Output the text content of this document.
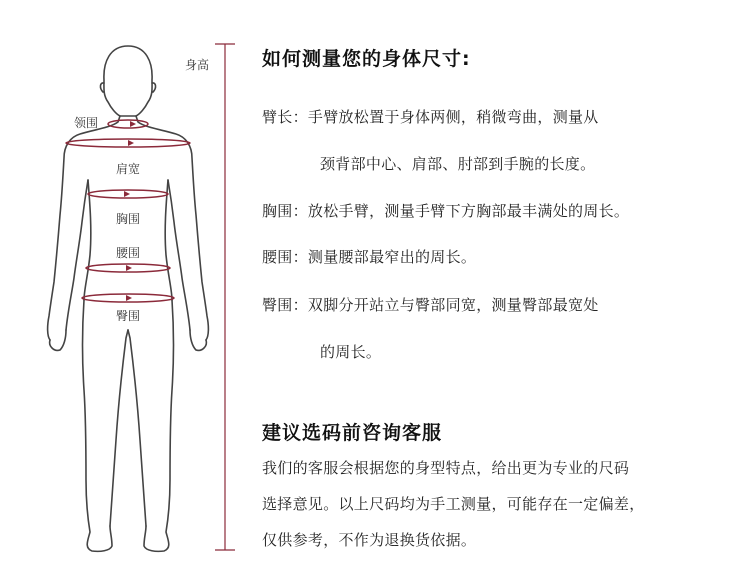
身高
领围
肩宽
胸围
腰围
臀围
如何测量您的身体尺寸:
臂长：手臂放松置于身体两侧，稍微弯曲，测量从
颈背部中心、肩部、肘部到手腕的长度。
胸围：放松手臂，测量手臂下方胸部最丰满处的周长。
腰围：测量腰部最窄出的周长。
臀围：双脚分开站立与臀部同宽，测量臀部最宽处
的周长。
建议选码前咨询客服
我们的客服会根据您的身型特点，给出更为专业的尺码
选择意见。以上尺码均为手工测量，可能存在一定偏差，
仅供参考，不作为退换货依据。
